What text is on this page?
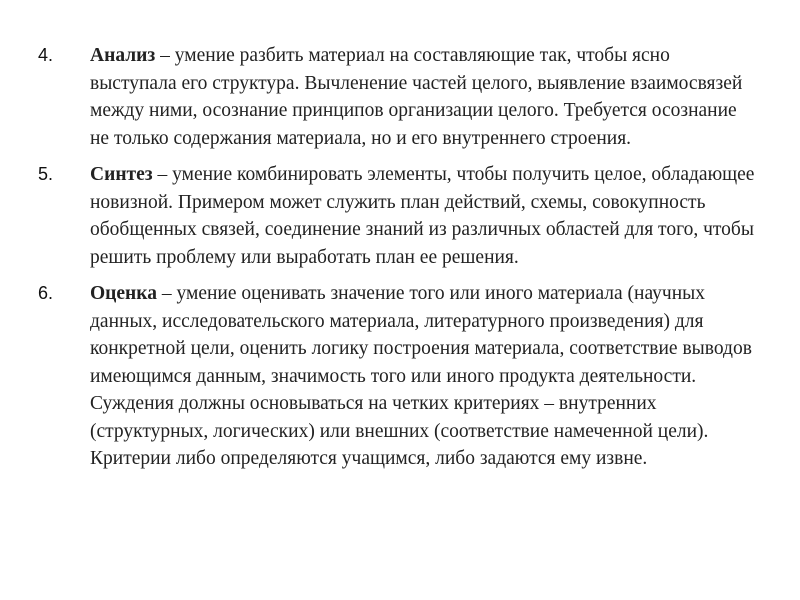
4. Анализ – умение разбить материал на составляющие так, чтобы ясно выступала его структура. Вычленение частей целого, выявление взаимосвязей между ними, осознание принципов организации целого. Требуется осознание не только содержания материала, но и его внутреннего строения.
5. Синтез – умение комбинировать элементы, чтобы получить целое, обладающее новизной. Примером может служить план действий, схемы, совокупность обобщенных связей, соединение знаний из различных областей для того, чтобы решить проблему или выработать план ее решения.
6. Оценка – умение оценивать значение того или иного материала (научных данных, исследовательского материала, литературного произведения) для конкретной цели, оценить логику построения материала, соответствие выводов имеющимся данным, значимость того или иного продукта деятельности. Суждения должны основываться на четких критериях – внутренних (структурных, логических) или внешних (соответствие намеченной цели). Критерии либо определяются учащимся, либо задаются ему извне.
